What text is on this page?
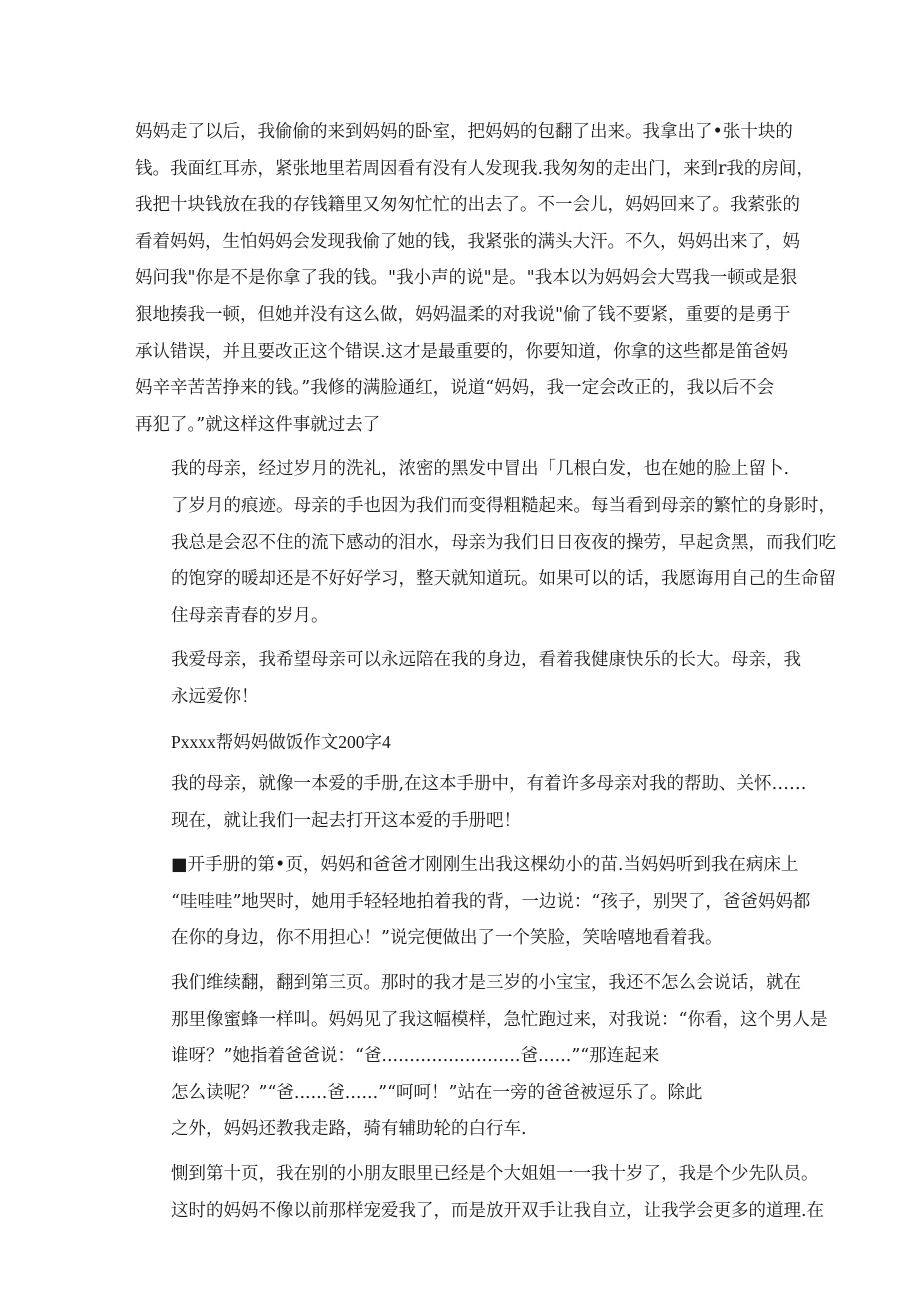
妈妈走了以后，我偷偷的来到妈妈的卧室，把妈妈的包翻了出来。我拿出了•张十块的
钱。我面红耳赤，紧张地里若周因看有没有人发现我.我匆匆的走出门，来到r我的房间，
我把十块钱放在我的存钱籍里又匆匆忙忙的出去了。不一会儿，妈妈回来了。我萦张的
看着妈妈，生怕妈妈会发现我偷了她的钱，我紧张的满头大汗。不久，妈妈出来了，妈
妈问我"你是不是你拿了我的钱。"我小声的说"是。"我本以为妈妈会大骂我一顿或是狠
狠地揍我一顿，但她并没有这么做，妈妈温柔的对我说"偷了钱不要紧，重要的是勇于
承认错误，并且要改正这个错误.这才是最重要的，你要知道，你拿的这些都是笛爸妈
妈辛辛苦苦挣来的钱。”我修的满脸通红，说道“妈妈，我一定会改正的，我以后不会
再犯了。”就这样这件事就过去了
我的母亲，经过岁月的洗礼，浓密的黑发中冒出「几根白发，也在她的脸上留卜.
了岁月的痕迹。母亲的手也因为我们而变得粗糙起来。每当看到母亲的繁忙的身影时，
我总是会忍不住的流下感动的泪水，母亲为我们日日夜夜的操劳，早起贪黑，而我们吃
的饱穿的暖却还是不好好学习，整天就知道玩。如果可以的话，我愿诲用自己的生命留
住母亲青春的岁月。
我爱母亲，我希望母亲可以永远陪在我的身边，看着我健康快乐的长大。母亲，我
永远爱你！
Pxxxx帮妈妈做饭作文200字4
我的母亲，就像一本爱的手册,在这本手册中，有着许多母亲对我的帮助、关怀……
现在，就让我们一起去打开这本爱的手册吧！
■开手册的第•页，妈妈和爸爸才刚刚生出我这棵幼小的苗.当妈妈听到我在病床上
“哇哇哇”地哭时，她用手轻轻地拍着我的背，一边说：“孩子，别哭了，爸爸妈妈都
在你的身边，你不用担心！”说完便做出了一个笑脸，笑啥嘻地看着我。
我们维续翻，翻到第三页。那时的我才是三岁的小宝宝，我还不怎么会说话，就在
那里像蜜蜂一样叫。妈妈见了我这幅模样，急忙跑过来，对我说：“你看，这个男人是
谁呀？”她指着爸爸说：“爸.........................爸......”“那连起来
怎么读呢？”“爸......爸......”“呵呵！”站在一旁的爸爸被逗乐了。除此
之外，妈妈还教我走路，骑有辅助轮的白行车.
惻到第十页，我在别的小朋友眼里已经是个大姐姐一一我十岁了，我是个少先队员。
这时的妈妈不像以前那样宠爱我了，而是放开双手让我自立，让我学会更多的道理.在
